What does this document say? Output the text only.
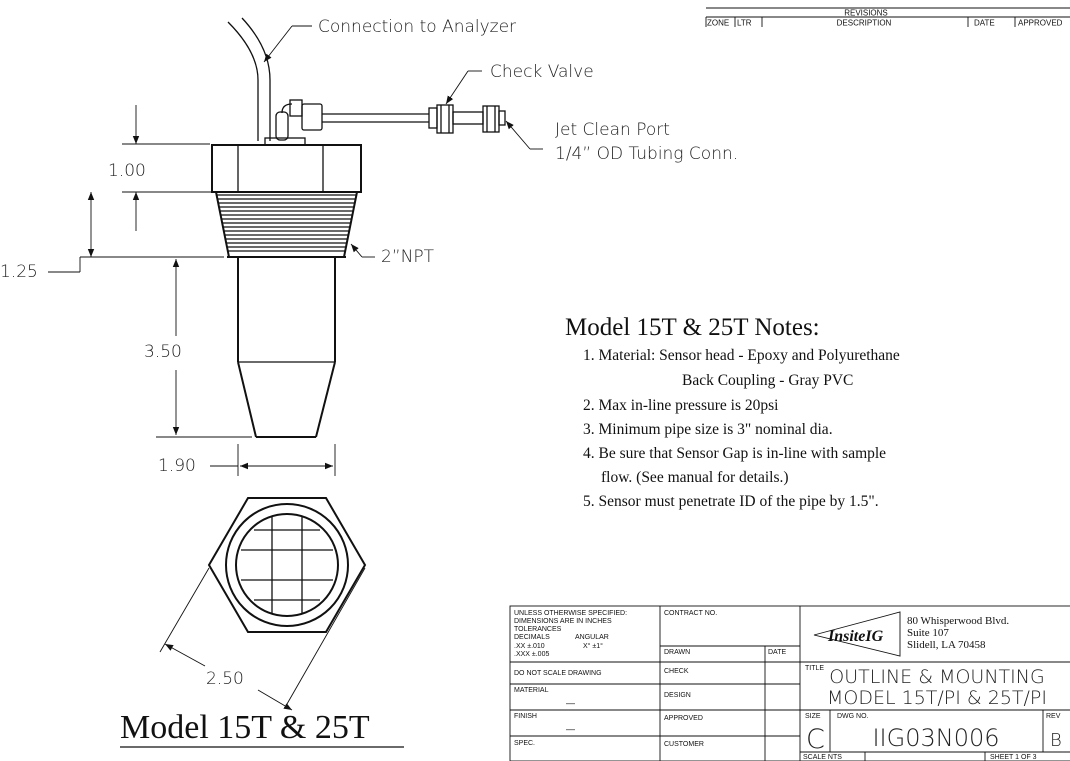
REVISIONS
ZONE LTR	DESCRIPTION	DATE	APPROVED
1.00
1.25
3.50
1.90
2.50
Connection to Analyzer
Check Valve
Jet Clean Port
1/4” OD Tubing Conn.
2”NPT
Model 15T & 25T
Model 15T & 25T Notes:
1. Material: Sensor head - Epoxy and Polyurethane
Back Coupling - Gray PVC
2. Max in-line pressure is 20psi
3. Minimum pipe size is 3" nominal dia.
4. Be sure that Sensor Gap is in-line with sample
flow. (See manual for details.)
5. Sensor must penetrate ID of the pipe by 1.5".
UNLESS OTHERWISE SPECIFIED:
DIMENSIONS ARE IN INCHES
TOLERANCES
DECIMALS	ANGULAR
.XX ±.010	X° ±1°
.XXX ±.005
DO NOT SCALE DRAWING
MATERIAL
—
FINISH
—
SPEC.
CONTRACT NO.
DRAWN	DATE
CHECK
DESIGN
APPROVED
CUSTOMER
InsiteIG
80 Whisperwood Blvd.
Suite 107
Slidell, LA 70458
TITLE OUTLINE & MOUNTING
MODEL 15T/PI & 25T/PI
SIZE
C
DWG NO.
IIG03N006
REV
B
SCALE NTS	SHEET 1 OF 3
